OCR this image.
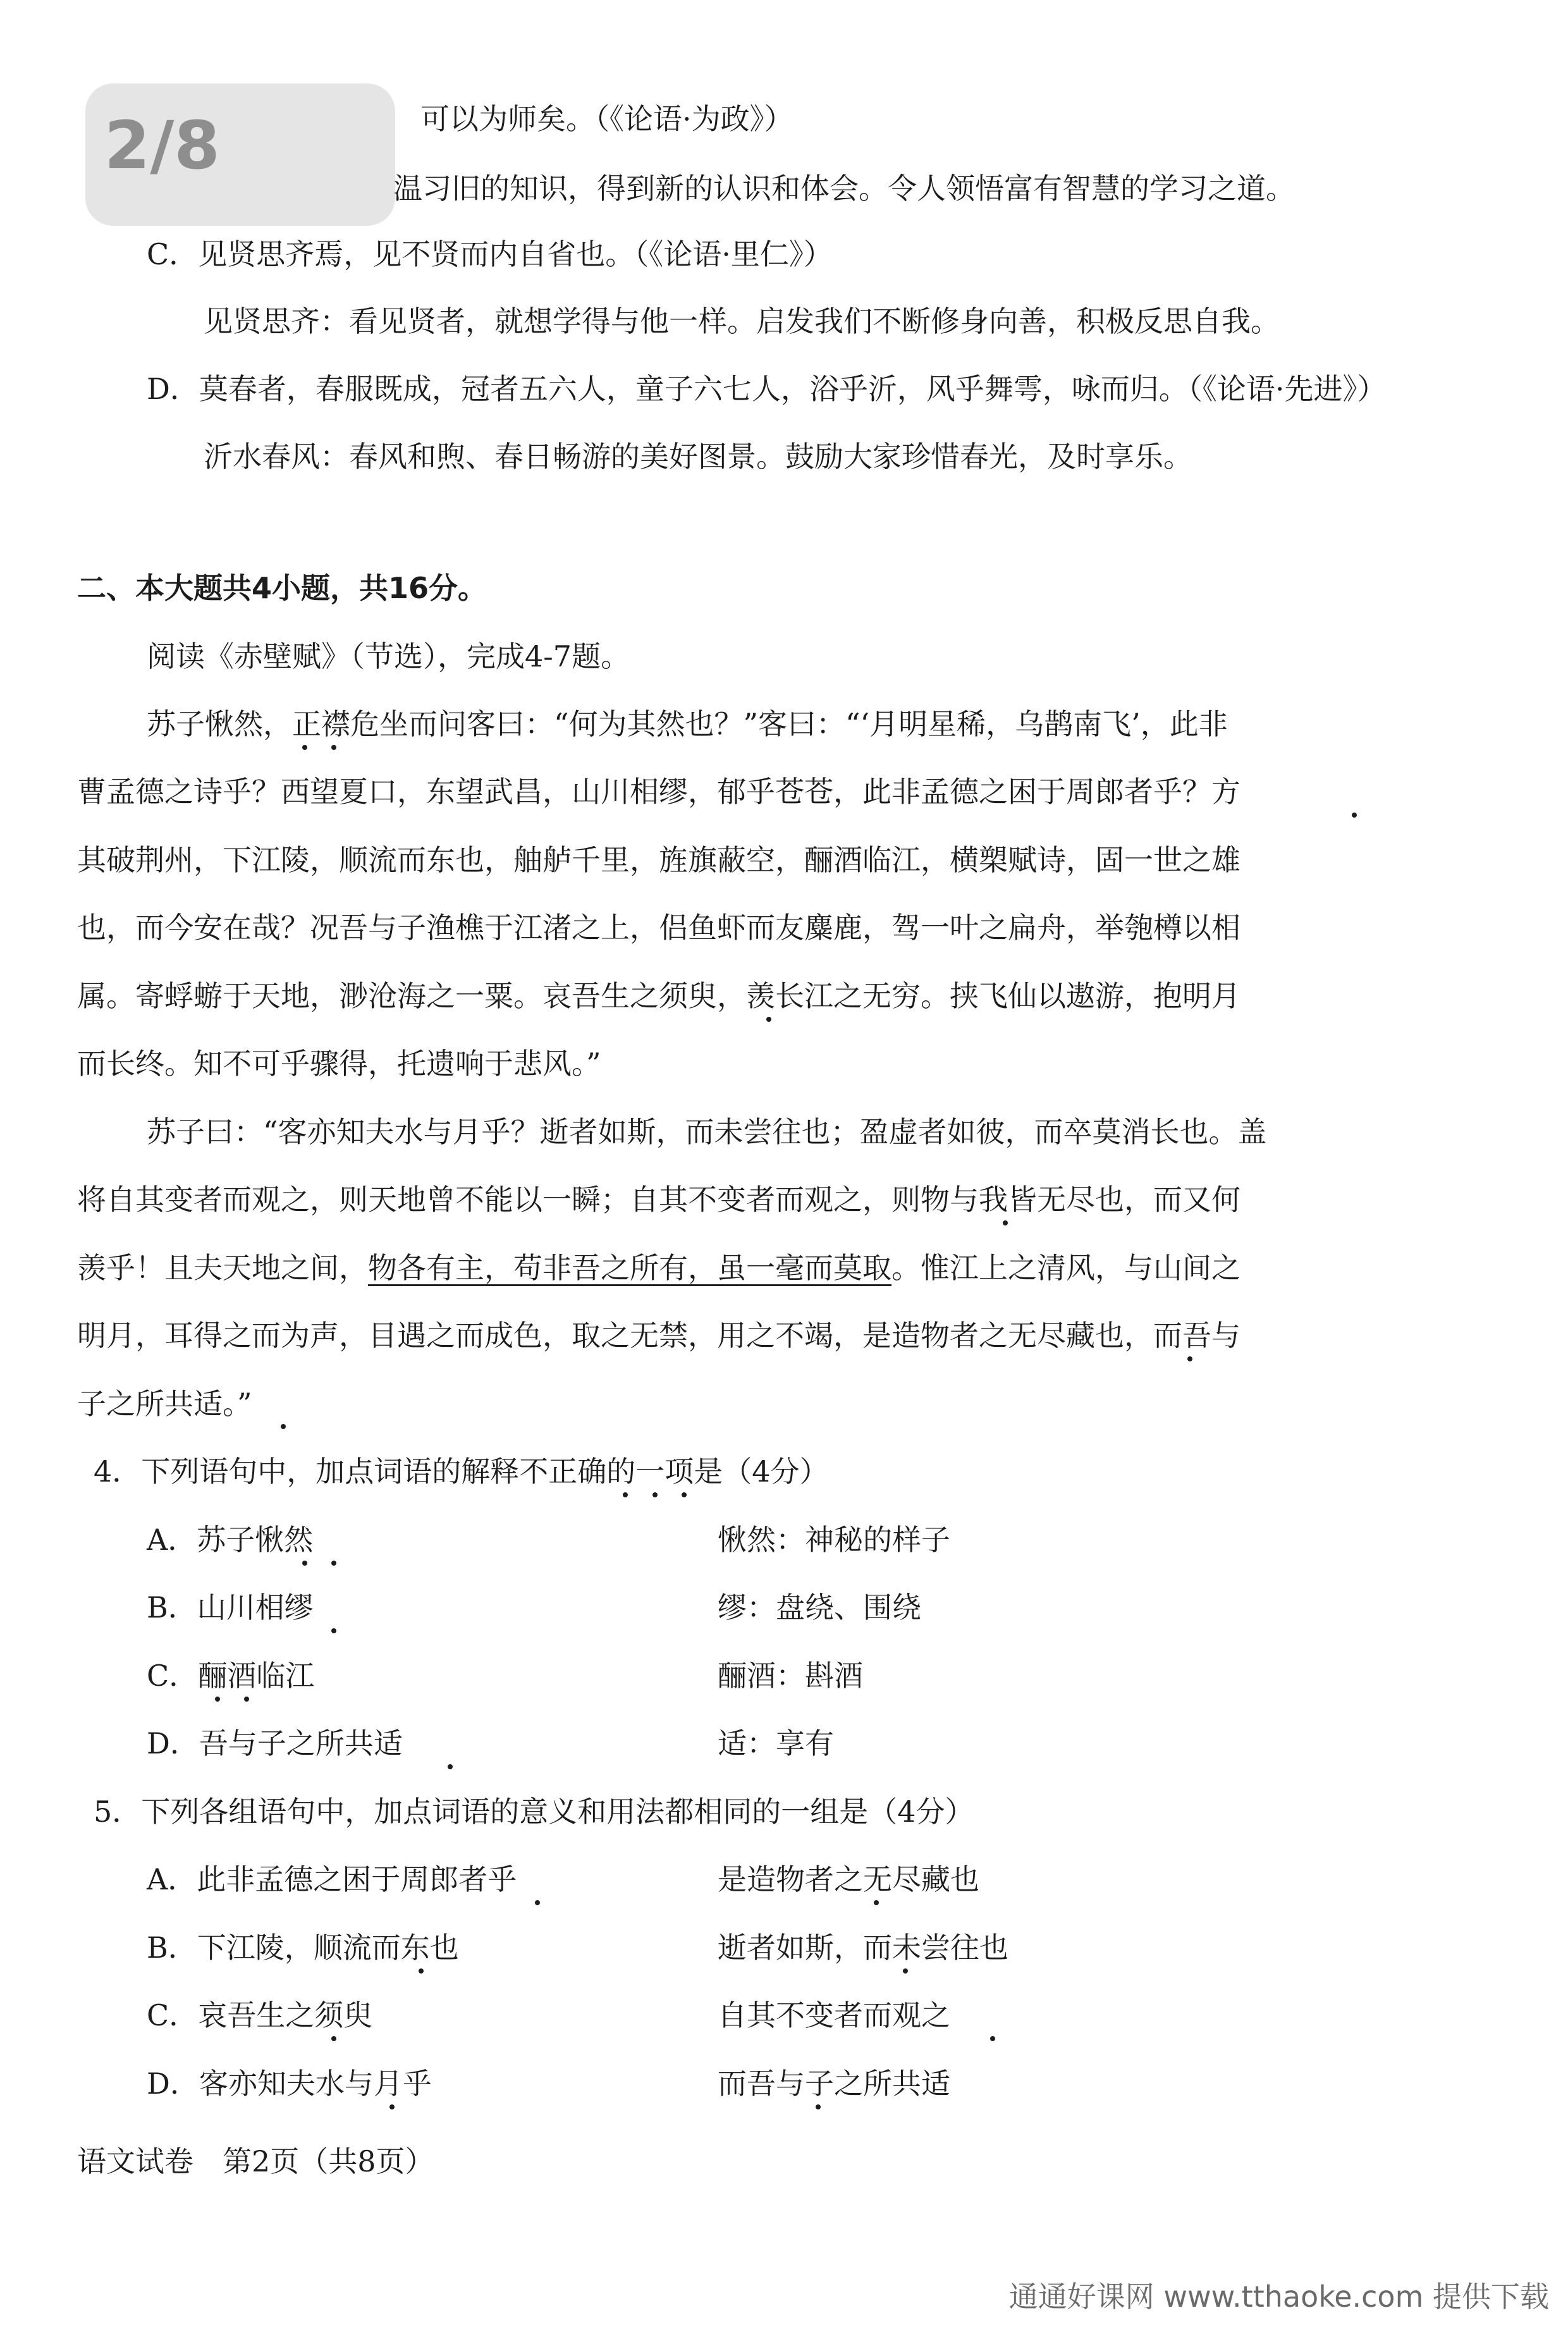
2/8	可以为师矣。（《论语·为政》）
温习旧的知识，得到新的认识和体会。令人领悟富有智慧的学习之道。
C．见贤思齐焉，见不贤而内自省也。（《论语·里仁》）
见贤思齐：看见贤者，就想学得与他一样。启发我们不断修身向善，积极反思自我。
D．莫春者，春服既成，冠者五六人，童子六七人，浴乎沂，风乎舞雩，咏而归。（《论语·先进》）
沂水春风：春风和煦、春日畅游的美好图景。鼓励大家珍惜春光，及时享乐。
二、本大题共4小题，共16分。
阅读《赤壁赋》（节选），完成4-7题。
苏子愀然，正襟危坐而问客曰：“何为其然也？”客曰：“‘月明星稀，乌鹊南飞’，此非
曹孟德之诗乎？西望夏口，东望武昌，山川相缪，郁乎苍苍，此非孟德之困于周郎者乎？方
其破荆州，下江陵，顺流而东也，舳舻千里，旌旗蔽空，酾酒临江，横槊赋诗，固一世之雄
也，而今安在哉？况吾与子渔樵于江渚之上，侣鱼虾而友麋鹿，驾一叶之扁舟，举匏樽以相
属。寄蜉蝣于天地，渺沧海之一粟。哀吾生之须臾，羡长江之无穷。挟飞仙以遨游，抱明月
而长终。知不可乎骤得，托遗响于悲风。”
苏子曰：“客亦知夫水与月乎？逝者如斯，而未尝往也；盈虚者如彼，而卒莫消长也。盖
将自其变者而观之，则天地曾不能以一瞬；自其不变者而观之，则物与我皆无尽也，而又何
羡乎！且夫天地之间，物各有主，苟非吾之所有，虽一毫而莫取。惟江上之清风，与山间之
明月，耳得之而为声，目遇之而成色，取之无禁，用之不竭，是造物者之无尽藏也，而吾与
子之所共适。”
4．下列语句中，加点词语的解释不正确的一项是（4分）
A．苏子愀然	愀然：神秘的样子
B．山川相缪	缪：盘绕、围绕
C．酾酒临江	酾酒：斟酒
D．吾与子之所共适	适：享有
5．下列各组语句中，加点词语的意义和用法都相同的一组是（4分）
A．此非孟德之困于周郎者乎	是造物者之无尽藏也
B．下江陵，顺流而东也	逝者如斯，而未尝往也
C．哀吾生之须臾	自其不变者而观之
D．客亦知夫水与月乎	而吾与子之所共适
语文试卷　第2页（共8页）
通通好课网 www.tthaoke.com 提供下载
